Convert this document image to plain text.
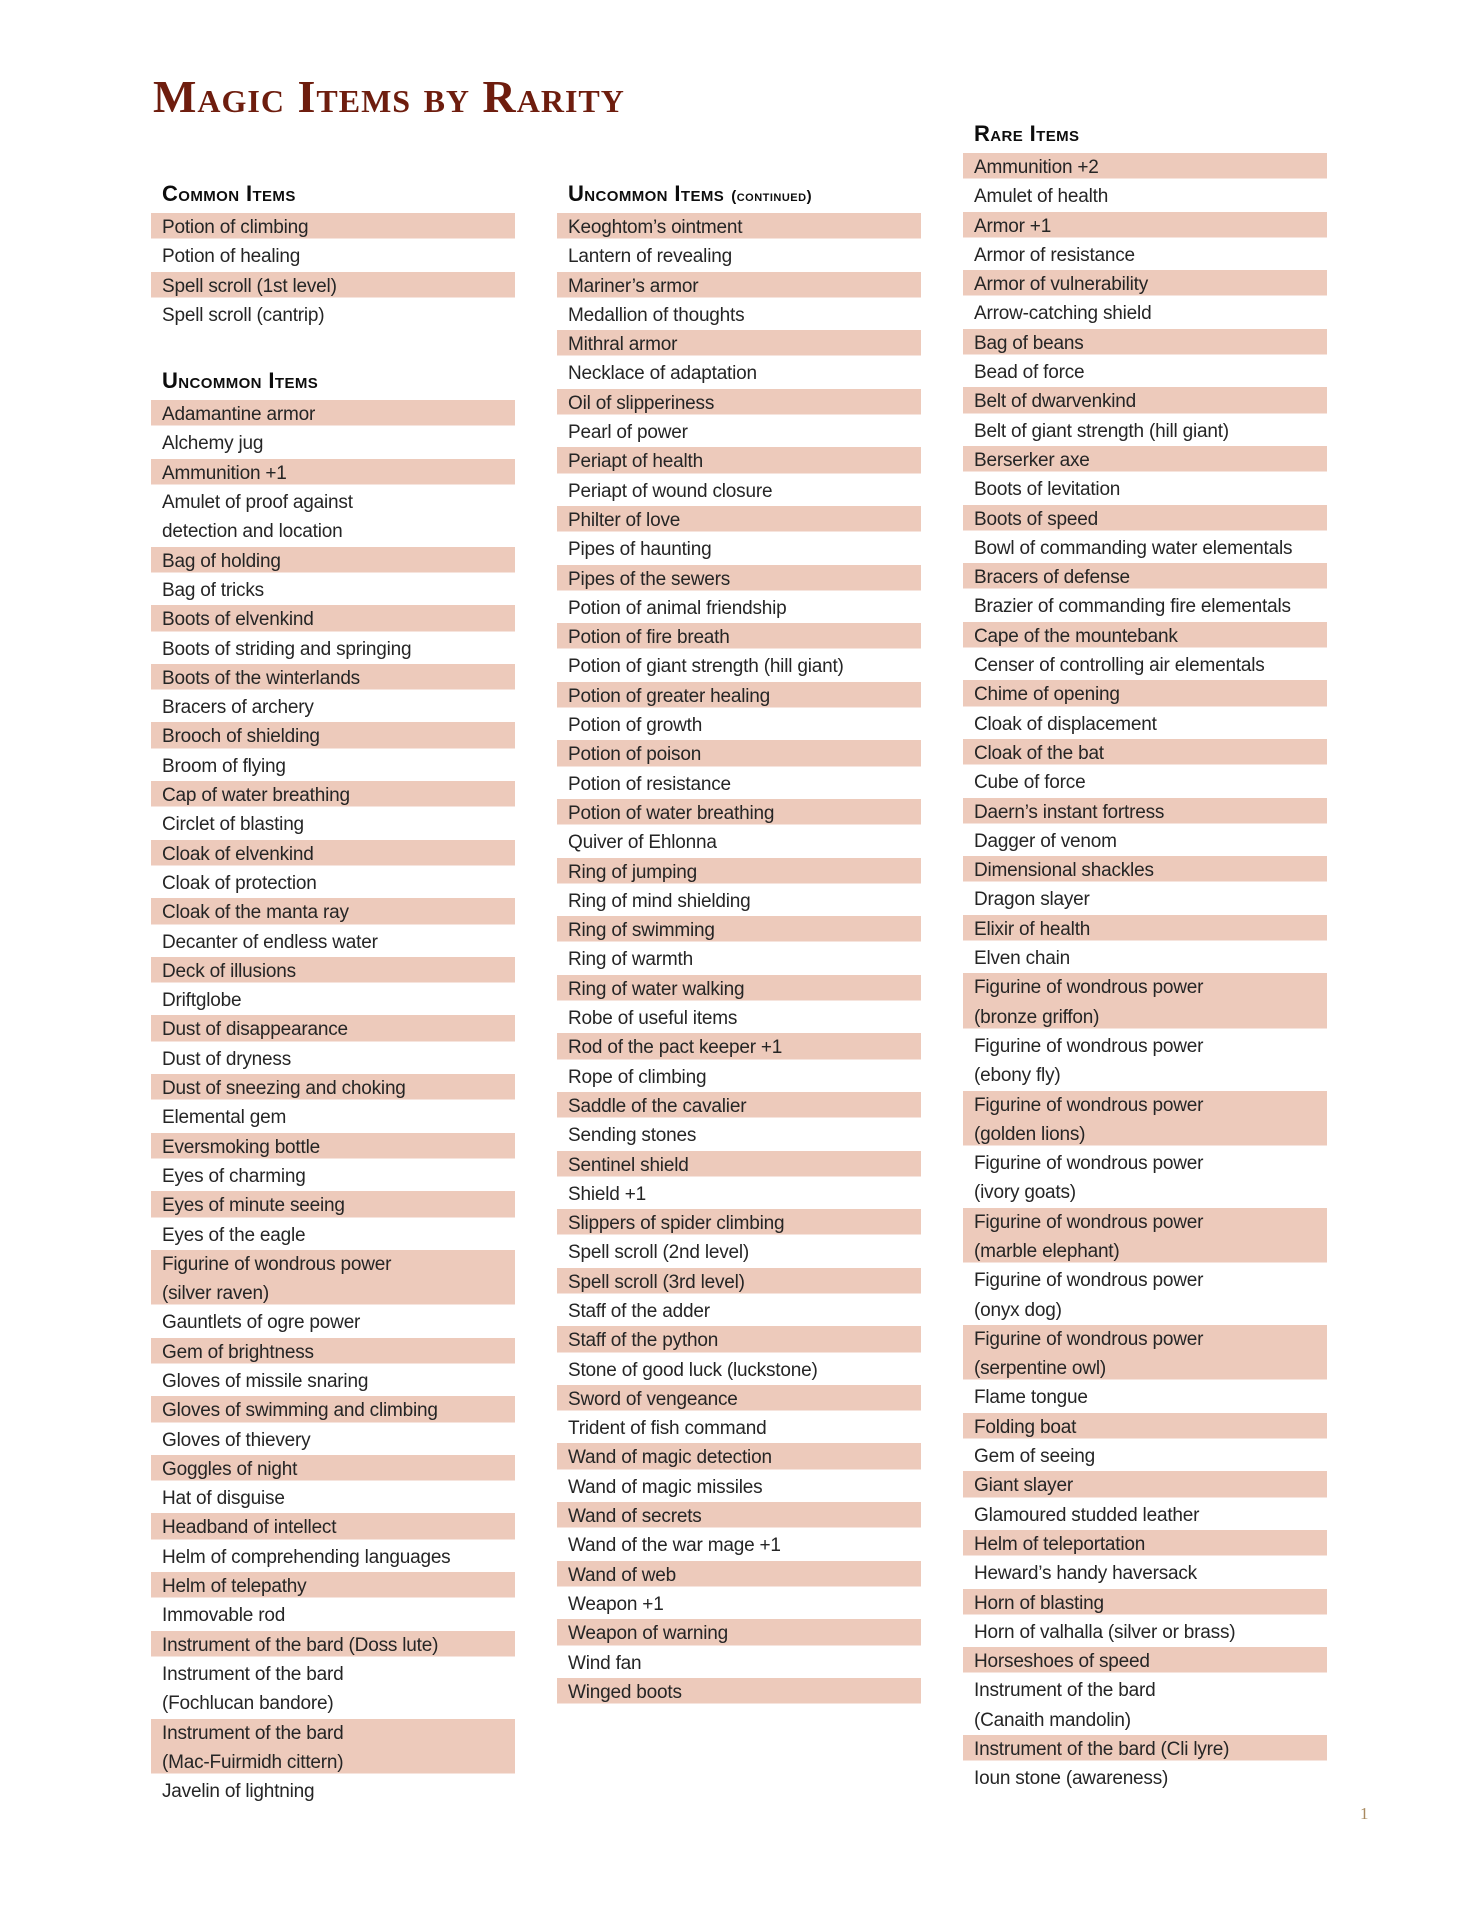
Magic Items by Rarity
Common Items
Potion of climbing
Potion of healing
Spell scroll (1st level)
Spell scroll (cantrip)
Uncommon Items
Adamantine armor
Alchemy jug
Ammunition +1
Amulet of proof against
detection and location
Bag of holding
Bag of tricks
Boots of elvenkind
Boots of striding and springing
Boots of the winterlands
Bracers of archery
Brooch of shielding
Broom of flying
Cap of water breathing
Circlet of blasting
Cloak of elvenkind
Cloak of protection
Cloak of the manta ray
Decanter of endless water
Deck of illusions
Driftglobe
Dust of disappearance
Dust of dryness
Dust of sneezing and choking
Elemental gem
Eversmoking bottle
Eyes of charming
Eyes of minute seeing
Eyes of the eagle
Figurine of wondrous power
(silver raven)
Gauntlets of ogre power
Gem of brightness
Gloves of missile snaring
Gloves of swimming and climbing
Gloves of thievery
Goggles of night
Hat of disguise
Headband of intellect
Helm of comprehending languages
Helm of telepathy
Immovable rod
Instrument of the bard (Doss lute)
Instrument of the bard
(Fochlucan bandore)
Instrument of the bard
(Mac-Fuirmidh cittern)
Javelin of lightning
Uncommon Items (continued)
Keoghtom’s ointment
Lantern of revealing
Mariner’s armor
Medallion of thoughts
Mithral armor
Necklace of adaptation
Oil of slipperiness
Pearl of power
Periapt of health
Periapt of wound closure
Philter of love
Pipes of haunting
Pipes of the sewers
Potion of animal friendship
Potion of fire breath
Potion of giant strength (hill giant)
Potion of greater healing
Potion of growth
Potion of poison
Potion of resistance
Potion of water breathing
Quiver of Ehlonna
Ring of jumping
Ring of mind shielding
Ring of swimming
Ring of warmth
Ring of water walking
Robe of useful items
Rod of the pact keeper +1
Rope of climbing
Saddle of the cavalier
Sending stones
Sentinel shield
Shield +1
Slippers of spider climbing
Spell scroll (2nd level)
Spell scroll (3rd level)
Staff of the adder
Staff of the python
Stone of good luck (luckstone)
Sword of vengeance
Trident of fish command
Wand of magic detection
Wand of magic missiles
Wand of secrets
Wand of the war mage +1
Wand of web
Weapon +1
Weapon of warning
Wind fan
Winged boots
Rare Items
Ammunition +2
Amulet of health
Armor +1
Armor of resistance
Armor of vulnerability
Arrow-catching shield
Bag of beans
Bead of force
Belt of dwarvenkind
Belt of giant strength (hill giant)
Berserker axe
Boots of levitation
Boots of speed
Bowl of commanding water elementals
Bracers of defense
Brazier of commanding fire elementals
Cape of the mountebank
Censer of controlling air elementals
Chime of opening
Cloak of displacement
Cloak of the bat
Cube of force
Daern’s instant fortress
Dagger of venom
Dimensional shackles
Dragon slayer
Elixir of health
Elven chain
Figurine of wondrous power
(bronze griffon)
Figurine of wondrous power
(ebony fly)
Figurine of wondrous power
(golden lions)
Figurine of wondrous power
(ivory goats)
Figurine of wondrous power
(marble elephant)
Figurine of wondrous power
(onyx dog)
Figurine of wondrous power
(serpentine owl)
Flame tongue
Folding boat
Gem of seeing
Giant slayer
Glamoured studded leather
Helm of teleportation
Heward’s handy haversack
Horn of blasting
Horn of valhalla (silver or brass)
Horseshoes of speed
Instrument of the bard
(Canaith mandolin)
Instrument of the bard (Cli lyre)
Ioun stone (awareness)
1
